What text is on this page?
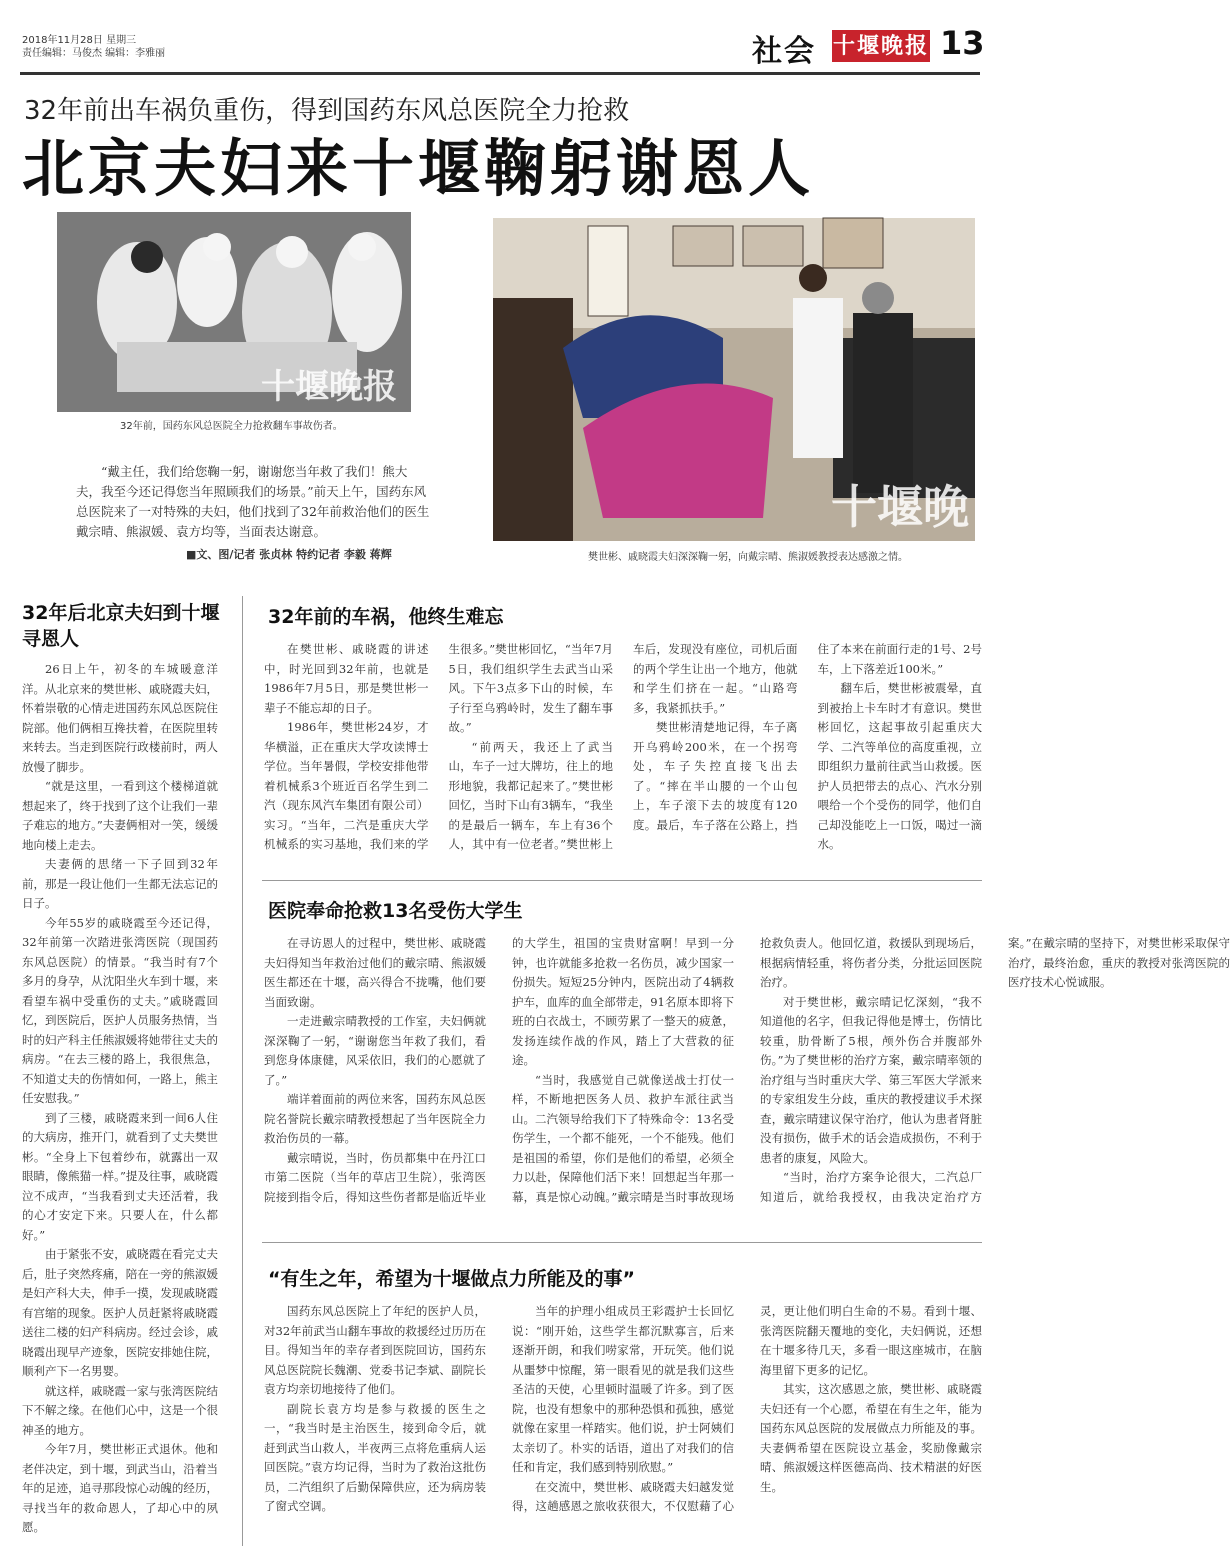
2018年11月28日 星期三
责任编辑：马俊杰 编辑：李雅丽	社会 十堰晚报 13
32年前出车祸负重伤，得到国药东风总医院全力抢救
北京夫妇来十堰鞠躬谢恩人
十堰晚报
32年前，国药东风总医院全力抢救翻车事故伤者。
十堰晚
樊世彬、戚晓霞夫妇深深鞠一躬，向戴宗晴、熊淑媛教授表达感激之情。
“戴主任，我们给您鞠一躬，谢谢您当年救了我们！熊大夫，我至今还记得您当年照顾我们的场景。”前天上午，国药东风总医院来了一对特殊的夫妇，他们找到了32年前救治他们的医生戴宗晴、熊淑媛、袁方均等，当面表达谢意。
■文、图/记者 张贞林 特约记者 李毅 蒋辉
32年后北京夫妇到十堰寻恩人

26日上午，初冬的车城暖意洋洋。从北京来的樊世彬、戚晓霞夫妇，怀着崇敬的心情走进国药东风总医院住院部。他们俩相互搀扶着，在医院里转来转去。当走到医院行政楼前时，两人放慢了脚步。

“就是这里，一看到这个楼梯道就想起来了，终于找到了这个让我们一辈子难忘的地方。”夫妻俩相对一笑，缓缓地向楼上走去。

夫妻俩的思绪一下子回到32年前，那是一段让他们一生都无法忘记的日子。

今年55岁的戚晓霞至今还记得，32年前第一次踏进张湾医院（现国药东风总医院）的情景。“我当时有7个多月的身孕，从沈阳坐火车到十堰，来看望车祸中受重伤的丈夫。”戚晓霞回忆，到医院后，医护人员服务热情，当时的妇产科主任熊淑媛将她带往丈夫的病房。“在去三楼的路上，我很焦急，不知道丈夫的伤情如何，一路上，熊主任安慰我。”

到了三楼，戚晓霞来到一间6人住的大病房，推开门，就看到了丈夫樊世彬。“全身上下包着纱布，就露出一双眼睛，像熊猫一样。”提及往事，戚晓霞泣不成声，“当我看到丈夫还活着，我的心才安定下来。只要人在，什么都好。”

由于紧张不安，戚晓霞在看完丈夫后，肚子突然疼痛，陪在一旁的熊淑媛是妇产科大夫，伸手一摸，发现戚晓霞有宫缩的现象。医护人员赶紧将戚晓霞送往二楼的妇产科病房。经过会诊，戚晓霞出现早产迹象，医院安排她住院，顺利产下一名男婴。

就这样，戚晓霞一家与张湾医院结下不解之缘。在他们心中，这是一个很神圣的地方。

今年7月，樊世彬正式退休。他和老伴决定，到十堰，到武当山，沿着当年的足迹，追寻那段惊心动魄的经历，寻找当年的救命恩人，了却心中的夙愿。

32年前的车祸，他终生难忘

在樊世彬、戚晓霞的讲述中，时光回到32年前，也就是1986年7月5日，那是樊世彬一辈子不能忘却的日子。

1986年，樊世彬24岁，才华横溢，正在重庆大学攻读博士学位。当年暑假，学校安排他带着机械系3个班近百名学生到二汽（现东风汽车集团有限公司）实习。“当年，二汽是重庆大学机械系的实习基地，我们来的学生很多。”樊世彬回忆，“当年7月5日，我们组织学生去武当山采风。下午3点多下山的时候，车子行至乌鸦岭时，发生了翻车事故。”

“前两天，我还上了武当山，车子一过大牌坊，往上的地形地貌，我都记起来了。”樊世彬回忆，当时下山有3辆车，“我坐的是最后一辆车，车上有36个人，其中有一位老者。”樊世彬上车后，发现没有座位，司机后面的两个学生让出一个地方，他就和学生们挤在一起。“山路弯多，我紧抓扶手。”

樊世彬清楚地记得，车子离开乌鸦岭200米，在一个拐弯处，车子失控直接飞出去了。“摔在半山腰的一个山包上，车子滚下去的坡度有120度。最后，车子落在公路上，挡住了本来在前面行走的1号、2号车，上下落差近100米。”

翻车后，樊世彬被震晕，直到被抬上卡车时才有意识。樊世彬回忆，这起事故引起重庆大学、二汽等单位的高度重视，立即组织力量前往武当山救援。医护人员把带去的点心、汽水分别喂给一个个受伤的同学，他们自己却没能吃上一口饭，喝过一滴水。

医院奉命抢救13名受伤大学生

在寻访恩人的过程中，樊世彬、戚晓霞夫妇得知当年救治过他们的戴宗晴、熊淑媛医生都还在十堰，高兴得合不拢嘴，他们要当面致谢。

一走进戴宗晴教授的工作室，夫妇俩就深深鞠了一躬，“谢谢您当年救了我们，看到您身体康健，风采依旧，我们的心愿就了了。”

端详着面前的两位来客，国药东风总医院名誉院长戴宗晴教授想起了当年医院全力救治伤员的一幕。

戴宗晴说，当时，伤员都集中在丹江口市第二医院（当年的草店卫生院），张湾医院接到指令后，得知这些伤者都是临近毕业的大学生，祖国的宝贵财富啊！早到一分钟，也许就能多抢救一名伤员，减少国家一份损失。短短25分钟内，医院出动了4辆救护车，血库的血全部带走，91名原本即将下班的白衣战士，不顾劳累了一整天的疲惫，发扬连续作战的作风，踏上了大营救的征途。

“当时，我感觉自己就像送战士打仗一样，不断地把医务人员、救护车派往武当山。二汽领导给我们下了特殊命令：13名受伤学生，一个都不能死，一个不能残。他们是祖国的希望，你们是他们的希望，必须全力以赴，保障他们活下来！回想起当年那一幕，真是惊心动魄。”戴宗晴是当时事故现场抢救负责人。他回忆道，救援队到现场后，根据病情轻重，将伤者分类，分批运回医院治疗。

对于樊世彬，戴宗晴记忆深刻，“我不知道他的名字，但我记得他是博士，伤情比较重，肋骨断了5根，颅外伤合并腹部外伤。”为了樊世彬的治疗方案，戴宗晴率领的治疗组与当时重庆大学、第三军医大学派来的专家组发生分歧，重庆的教授建议手术探查，戴宗晴建议保守治疗，他认为患者肾脏没有损伤，做手术的话会造成损伤，不利于患者的康复，风险大。

“当时，治疗方案争论很大，二汽总厂知道后，就给我授权，由我决定治疗方案。”在戴宗晴的坚持下，对樊世彬采取保守治疗，最终治愈，重庆的教授对张湾医院的医疗技术心悦诚服。

“有生之年，希望为十堰做点力所能及的事”

国药东风总医院上了年纪的医护人员，对32年前武当山翻车事故的救援经过历历在目。得知当年的幸存者到医院回访，国药东风总医院院长魏潮、党委书记李斌、副院长袁方均亲切地接待了他们。

副院长袁方均是参与救援的医生之一，“我当时是主治医生，接到命令后，就赶到武当山救人，半夜两三点将危重病人运回医院。”袁方均记得，当时为了救治这批伤员，二汽组织了后勤保障供应，还为病房装了窗式空调。

当年的护理小组成员王彩霞护士长回忆说：“刚开始，这些学生都沉默寡言，后来逐渐开朗，和我们唠家常，开玩笑。他们说从噩梦中惊醒，第一眼看见的就是我们这些圣洁的天使，心里顿时温暖了许多。到了医院，也没有想象中的那种恐惧和孤独，感觉就像在家里一样踏实。他们说，护士阿姨们太亲切了。朴实的话语，道出了对我们的信任和肯定，我们感到特别欣慰。”

在交流中，樊世彬、戚晓霞夫妇越发觉得，这趟感恩之旅收获很大，不仅慰藉了心灵，更让他们明白生命的不易。看到十堰、张湾医院翻天覆地的变化，夫妇俩说，还想在十堰多待几天，多看一眼这座城市，在脑海里留下更多的记忆。

其实，这次感恩之旅，樊世彬、戚晓霞夫妇还有一个心愿，希望在有生之年，能为国药东风总医院的发展做点力所能及的事。夫妻俩希望在医院设立基金，奖励像戴宗晴、熊淑媛这样医德高尚、技术精湛的好医生。
